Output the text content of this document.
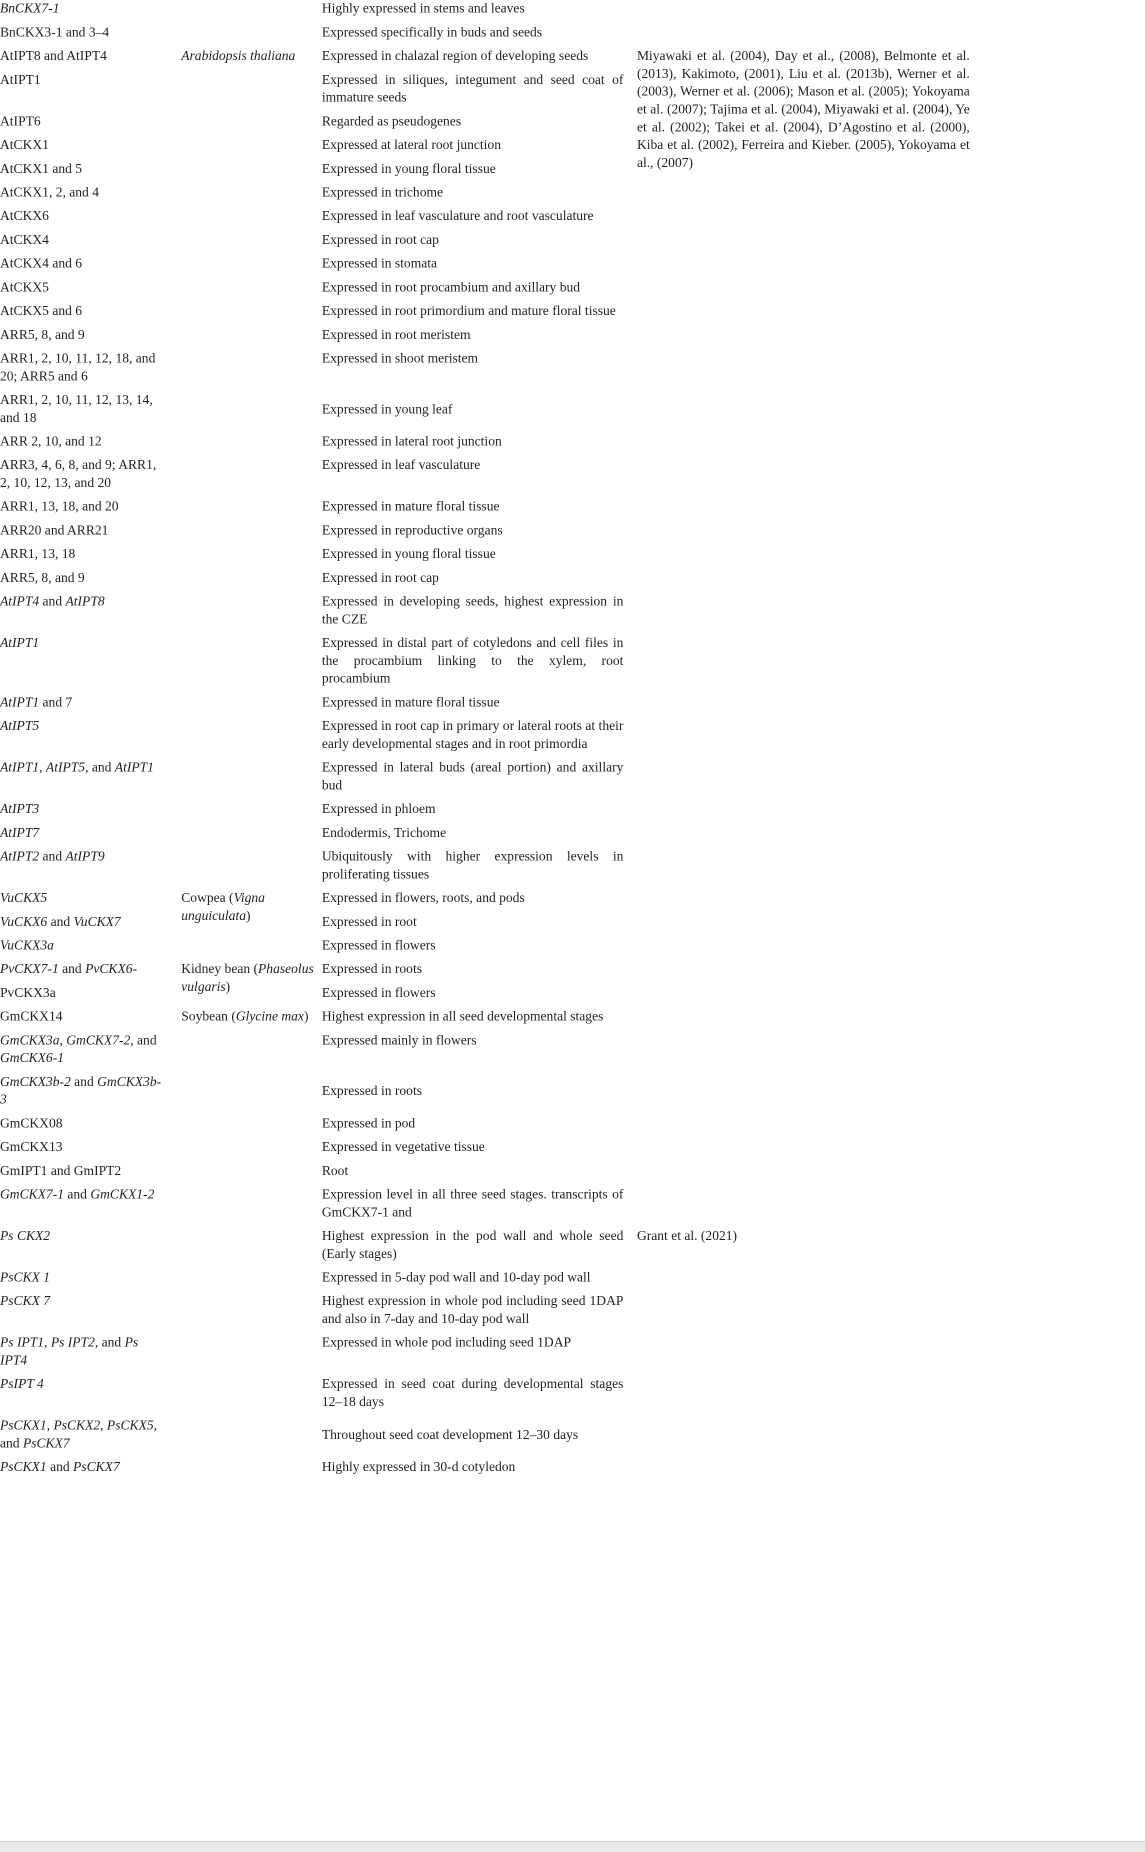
BnCKX7-1		Highly expressed in stems and leaves	

BnCKX3-1 and 3–4		Expressed specifically in buds and seeds	

AtIPT8 and AtIPT4	Arabidopsis thaliana	Expressed in chalazal region of developing seeds	Miyawaki et al. (2004), Day et al., (2008), Belmonte et al. (2013), Kakimoto, (2001), Liu et al. (2013b), Werner et al. (2003), Werner et al. (2006); Mason et al. (2005); Yokoyama et al. (2007); Tajima et al. (2004), Miyawaki et al. (2004), Ye et al. (2002); Takei et al. (2004), D’Agostino et al. (2000), Kiba et al. (2002), Ferreira and Kieber. (2005), Yokoyama et al., (2007)

AtIPT1		Expressed in siliques, integument and seed coat of immature seeds	

AtIPT6		Regarded as pseudogenes	

AtCKX1		Expressed at lateral root junction	

AtCKX1 and 5		Expressed in young floral tissue	

AtCKX1, 2, and 4		Expressed in trichome	

AtCKX6		Expressed in leaf vasculature and root vasculature	

AtCKX4		Expressed in root cap	

AtCKX4 and 6		Expressed in stomata	

AtCKX5		Expressed in root procambium and axillary bud	

AtCKX5 and 6		Expressed in root primordium and mature floral tissue	

ARR5, 8, and 9		Expressed in root meristem	

ARR1, 2, 10, 11, 12, 18, and 20; ARR5 and 6		Expressed in shoot meristem	

ARR1, 2, 10, 11, 12, 13, 14, and 18		Expressed in young leaf	

ARR 2, 10, and 12		Expressed in lateral root junction	

ARR3, 4, 6, 8, and 9; ARR1, 2, 10, 12, 13, and 20		Expressed in leaf vasculature	

ARR1, 13, 18, and 20		Expressed in mature floral tissue	

ARR20 and ARR21		Expressed in reproductive organs	

ARR1, 13, 18		Expressed in young floral tissue	

ARR5, 8, and 9		Expressed in root cap	

AtIPT4 and AtIPT8		Expressed in developing seeds, highest expression in the CZE	

AtIPT1		Expressed in distal part of cotyledons and cell files in the procambium linking to the xylem, root procambium	

AtIPT1 and 7		Expressed in mature floral tissue	

AtIPT5		Expressed in root cap in primary or lateral roots at their early developmental stages and in root primordia	

AtIPT1, AtIPT5, and AtIPT1		Expressed in lateral buds (areal portion) and axillary bud	

AtIPT3		Expressed in phloem	

AtIPT7		Endodermis, Trichome	

AtIPT2 and AtIPT9		Ubiquitously with higher expression levels in proliferating tissues	

VuCKX5	Cowpea (Vigna unguiculata)	Expressed in flowers, roots, and pods	

VuCKX6 and VuCKX7		Expressed in root	

VuCKX3a		Expressed in flowers	

PvCKX7-1 and PvCKX6-	Kidney bean (Phaseolus vulgaris)	Expressed in roots	

PvCKX3a		Expressed in flowers	

GmCKX14	Soybean (Glycine max)	Highest expression in all seed developmental stages	

GmCKX3a, GmCKX7-2, and GmCKX6-1		Expressed mainly in flowers	

GmCKX3b-2 and GmCKX3b-3		Expressed in roots	

GmCKX08		Expressed in pod	

GmCKX13		Expressed in vegetative tissue	

GmIPT1 and GmIPT2		Root	

GmCKX7-1 and GmCKX1-2		Expression level in all three seed stages. transcripts of GmCKX7-1 and	

Ps CKX2		Highest expression in the pod wall and whole seed (Early stages)	Grant et al. (2021)

PsCKX 1		Expressed in 5-day pod wall and 10-day pod wall	

PsCKX 7		Highest expression in whole pod including seed 1DAP and also in 7-day and 10-day pod wall	

Ps IPT1, Ps IPT2, and Ps IPT4		Expressed in whole pod including seed 1DAP	

PsIPT 4		Expressed in seed coat during developmental stages 12–18 days	

PsCKX1, PsCKX2, PsCKX5, and PsCKX7		Throughout seed coat development 12–30 days	

PsCKX1 and PsCKX7		Highly expressed in 30-d cotyledon	
